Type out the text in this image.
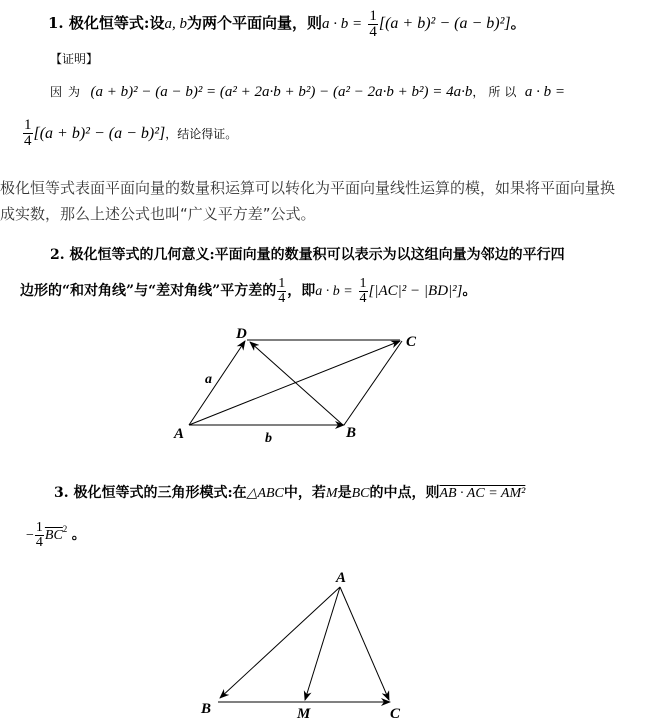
1. 极化恒等式:设a, b为两个平面向量，则$a \cdot b = \frac{1}{4} [(a + b)^2 - (a - b)^2]$。
【证明】
因为 (a + b)² − (a − b)² = (a² + 2a·b + b²) − (a² − 2a·b + b²) = 4a·b，所以 a · b =
$\frac{1}{4} [(a + b)^2 - (a - b)^2]$，结论得证。
极化恒等式表面平面向量的数量积运算可以转化为平面向量线性运算的模，如果将平面向量换
成实数，那么上述公式也叫“广义平方差”公式。
2. 极化恒等式的几何意义:平面向量的数量积可以表示为以这组向量为邻边的平行四
边形的“和对角线”与“差对角线”平方差的 $\frac{1}{4}$ ，即$a \cdot b = \frac{1}{4} [|AC|^2 - |BD|^2]$。
D	C
A	B
a
b
3. 极化恒等式的三角形模式:在△ABC中，若M是BC的中点，则AB · AC = AM²
− $\frac{1}{4} \overline{BC}^2$ 。
A
B	M	C
